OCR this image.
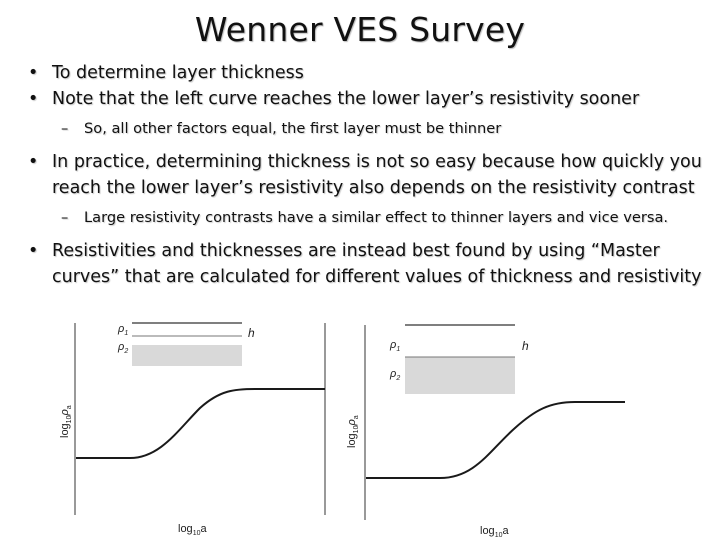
Wenner VES Survey
• To determine layer thickness
• Note that the left curve reaches the lower layer’s resistivity sooner
– So, all other factors equal, the first layer must be thinner
• In practice, determining thickness is not so easy because how quickly you reach the lower layer’s resistivity also depends on the resistivity contrast
– Large resistivity contrasts have a similar effect to thinner layers and vice versa.
• Resistivities and thicknesses are instead best found by using “Master curves” that are calculated for different values of thickness and resistivity
$\rho_1$
$\rho_2$
h
$\log_{10}\rho_a$
$\log_{10}a$
$\rho_1$
$\rho_2$
h
$\log_{10}\rho_a$
$\log_{10}a$
